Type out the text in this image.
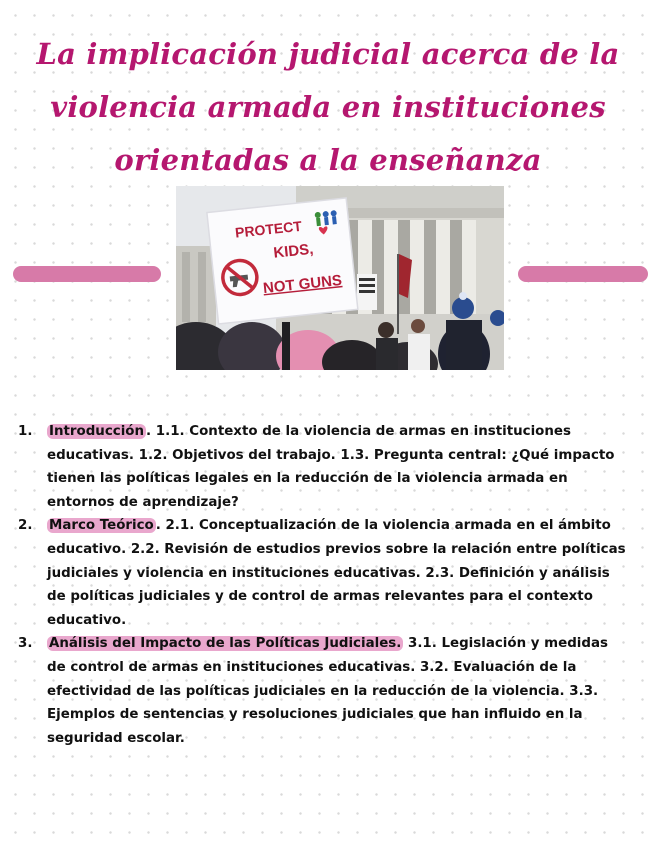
La implicación judicial acerca de la violencia armada en instituciones orientadas a la enseñanza
PROTECT
KIDS,
NOT GUNS
1. Introducción . 1.1. Contexto de la violencia de armas en instituciones educativas. 1.2. Objetivos del trabajo. 1.3. Pregunta central: ¿Qué impacto tienen las políticas legales en la reducción de la violencia armada en entornos de aprendizaje?
2. Marco Teórico . 2.1. Conceptualización de la violencia armada en el ámbito educativo. 2.2. Revisión de estudios previos sobre la relación entre políticas judiciales y violencia en instituciones educativas. 2.3. Definición y análisis de políticas judiciales y de control de armas relevantes para el contexto educativo.
3. Análisis del Impacto de las Políticas Judiciales. 3.1. Legislación y medidas de control de armas en instituciones educativas. 3.2. Evaluación de la efectividad de las políticas judiciales en la reducción de la violencia. 3.3. Ejemplos de sentencias y resoluciones judiciales que han influido en la seguridad escolar.
